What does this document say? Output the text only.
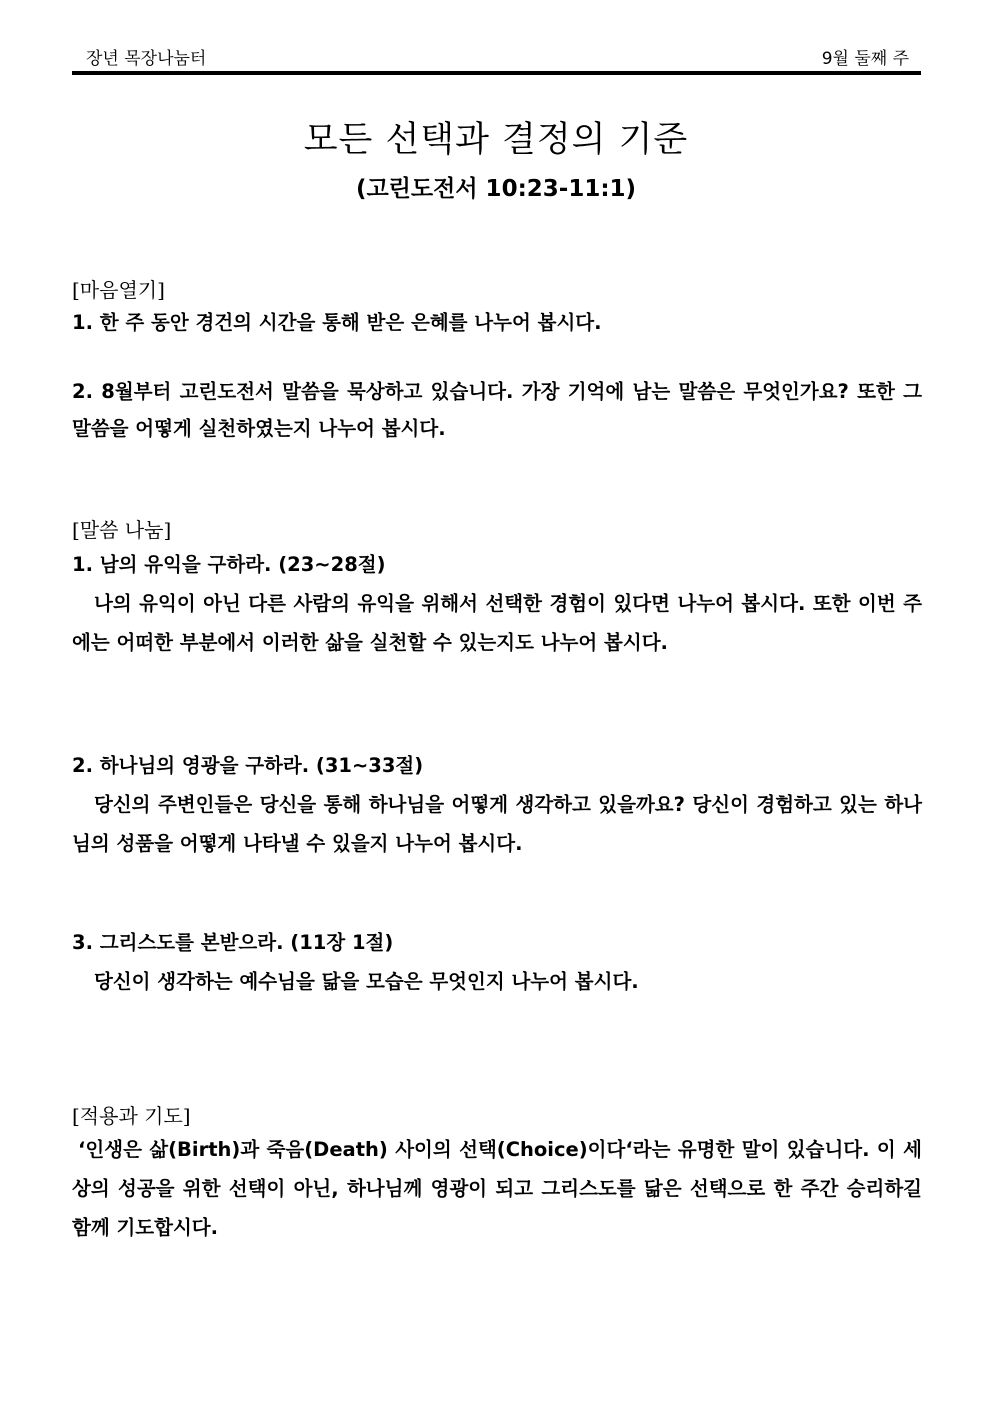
장년 목장나눔터	9월 둘째 주
모든 선택과 결정의 기준
(고린도전서 10:23-11:1)
[마음열기]
1. 한 주 동안 경건의 시간을 통해 받은 은혜를 나누어 봅시다.
2. 8월부터 고린도전서 말씀을 묵상하고 있습니다. 가장 기억에 남는 말씀은 무엇인가요? 또한 그 말씀을 어떻게 실천하였는지 나누어 봅시다.
[말씀 나눔]
1. 남의 유익을 구하라. (23~28절)
나의 유익이 아닌 다른 사람의 유익을 위해서 선택한 경험이 있다면 나누어 봅시다. 또한 이번 주에는 어떠한 부분에서 이러한 삶을 실천할 수 있는지도 나누어 봅시다.
2. 하나님의 영광을 구하라. (31~33절)
당신의 주변인들은 당신을 통해 하나님을 어떻게 생각하고 있을까요? 당신이 경험하고 있는 하나님의 성품을 어떻게 나타낼 수 있을지 나누어 봅시다.
3. 그리스도를 본받으라. (11장 1절)
당신이 생각하는 예수님을 닮을 모습은 무엇인지 나누어 봅시다.
[적용과 기도]
‘인생은 삶(Birth)과 죽음(Death) 사이의 선택(Choice)이다‘라는 유명한 말이 있습니다. 이 세상의 성공을 위한 선택이 아닌, 하나님께 영광이 되고 그리스도를 닮은 선택으로 한 주간 승리하길 함께 기도합시다.
